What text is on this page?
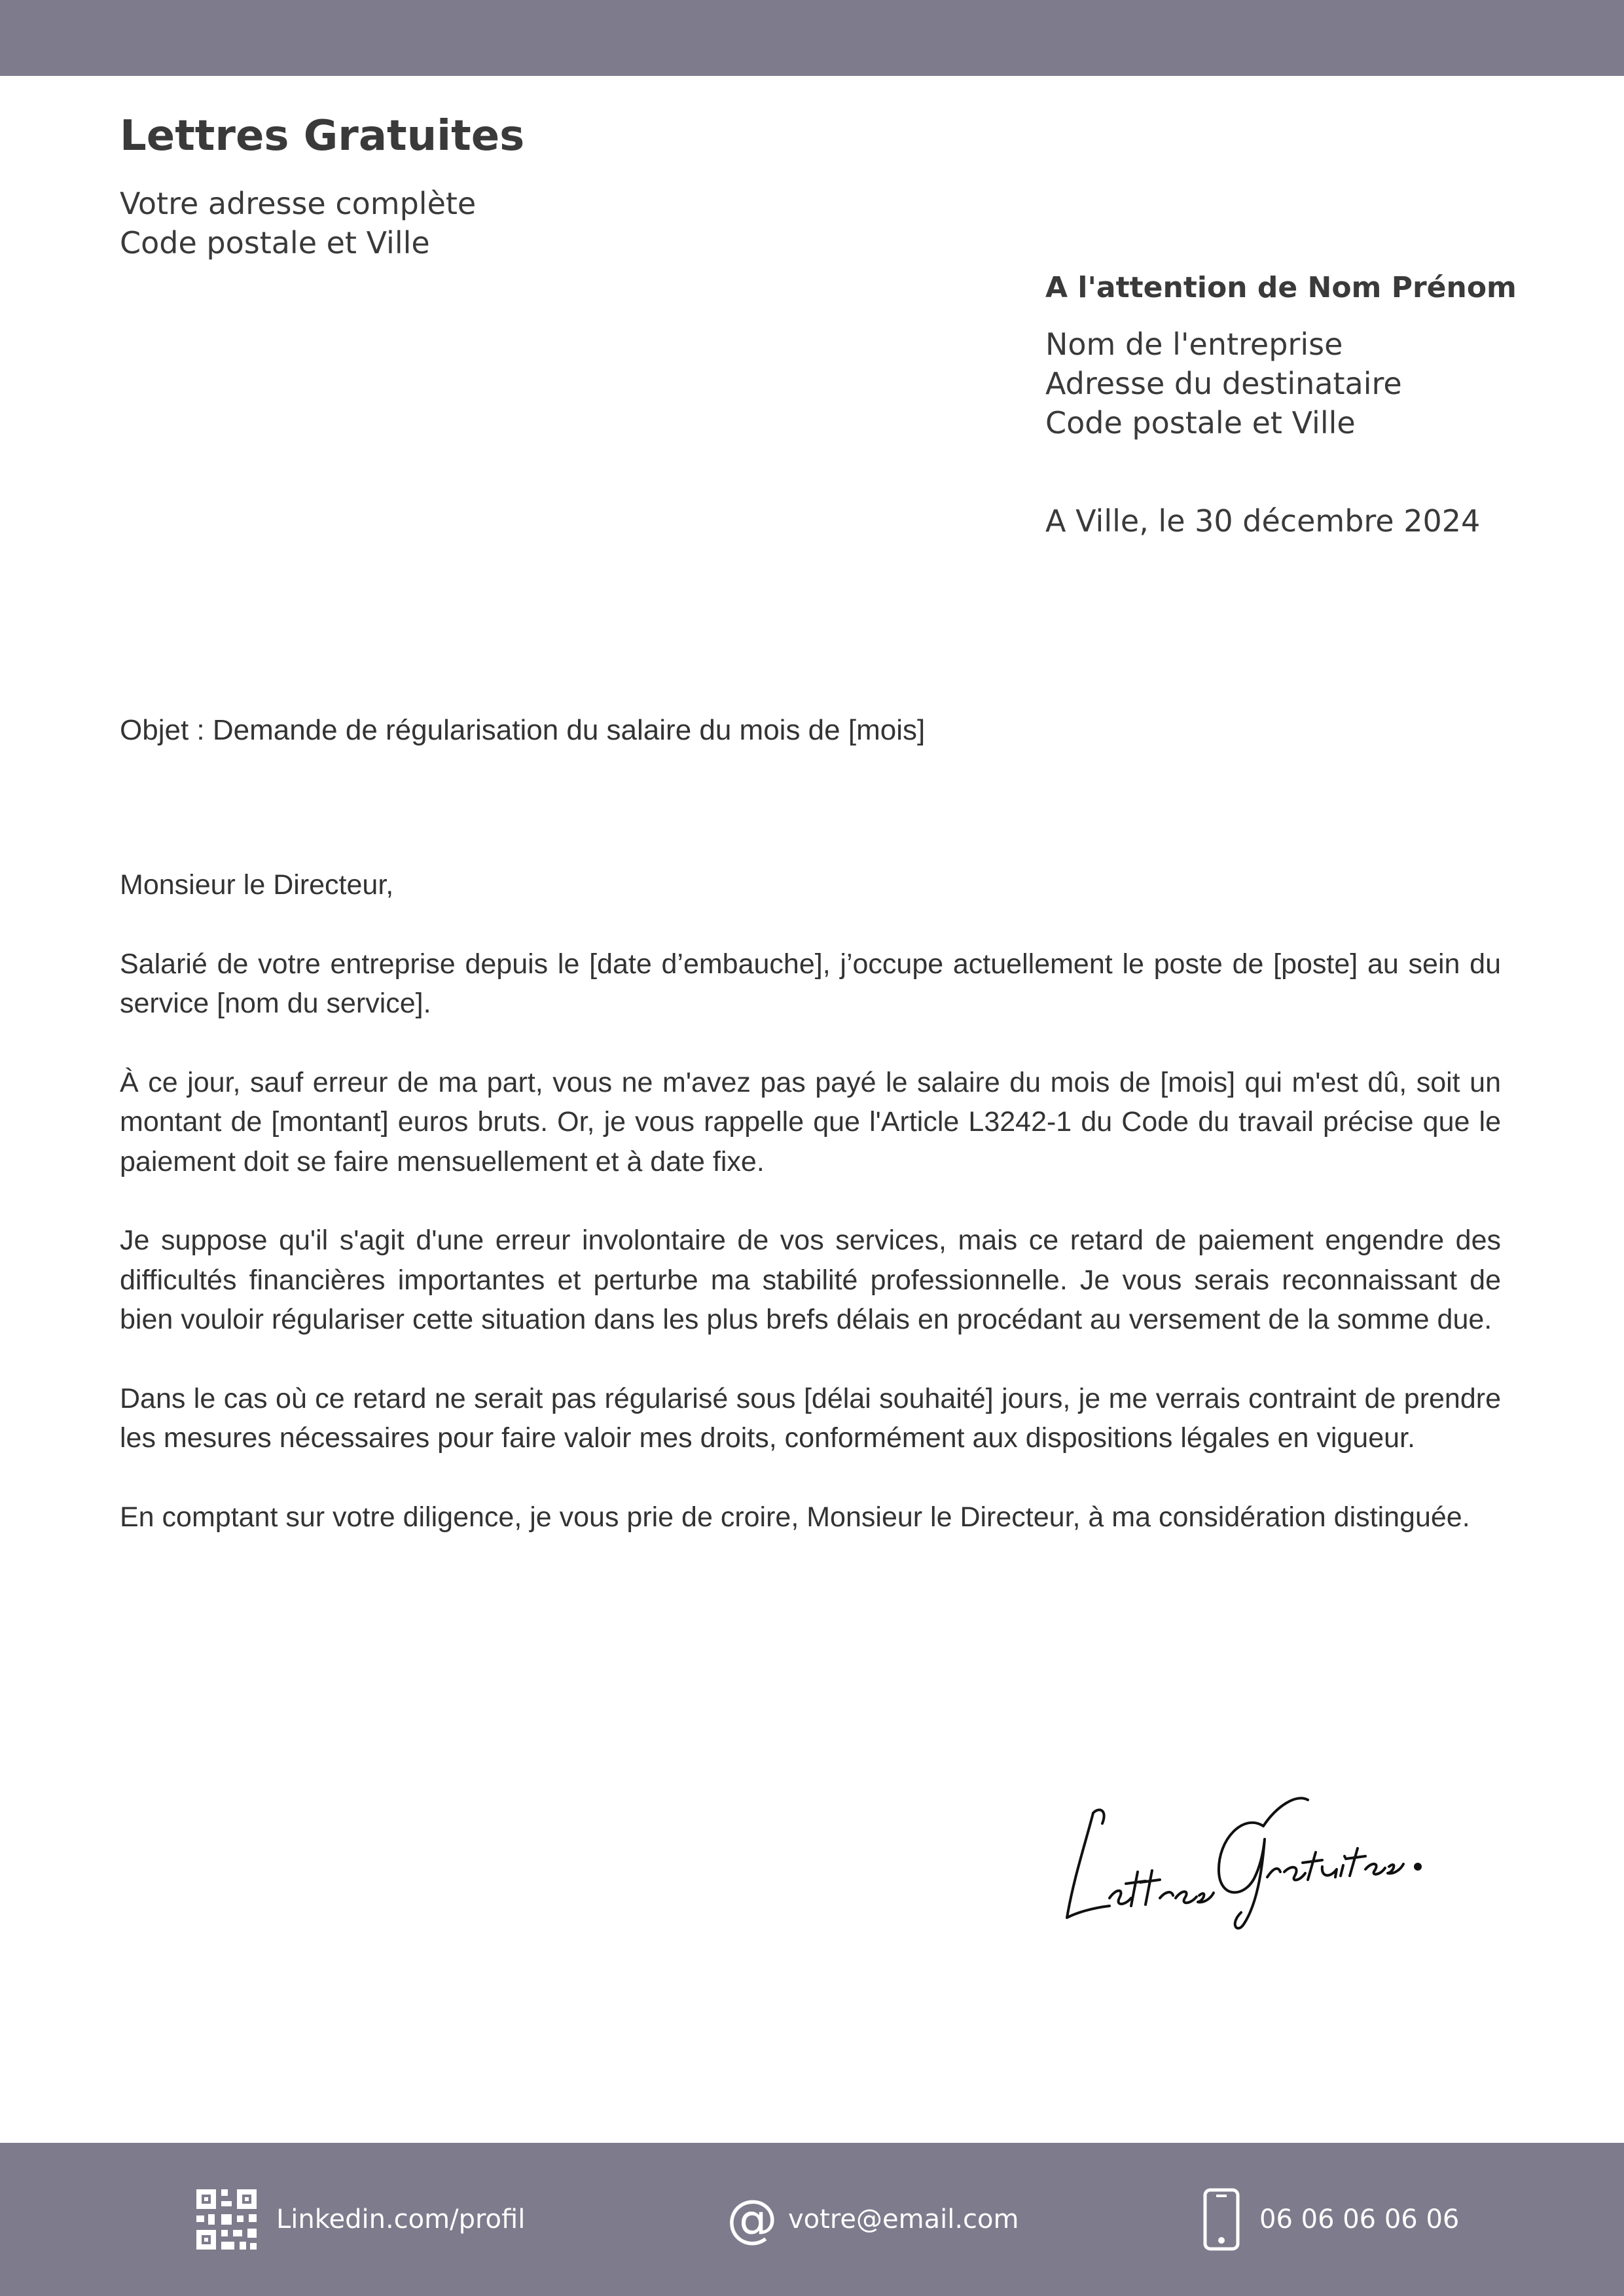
Lettres Gratuites
Votre adresse complète
Code postale et Ville
A l'attention de Nom Prénom
Nom de l'entreprise
Adresse du destinataire
Code postale et Ville
A Ville, le 30 décembre 2024
Objet : Demande de régularisation du salaire du mois de [mois]

Monsieur le Directeur,

Salarié de votre entreprise depuis le [date d’embauche], j’occupe actuellement le poste de [poste] au sein du service [nom du service].

À ce jour, sauf erreur de ma part, vous ne m'avez pas payé le salaire du mois de [mois] qui m'est dû, soit un montant de [montant] euros bruts. Or, je vous rappelle que l'Article L3242-1 du Code du travail précise que le paiement doit se faire mensuellement et à date fixe.

Je suppose qu'il s'agit d'une erreur involontaire de vos services, mais ce retard de paiement engendre des difficultés financières importantes et perturbe ma stabilité professionnelle. Je vous serais reconnaissant de bien vouloir régulariser cette situation dans les plus brefs délais en procédant au versement de la somme due.

Dans le cas où ce retard ne serait pas régularisé sous [délai souhaité] jours, je me verrais contraint de prendre les mesures nécessaires pour faire valoir mes droits, conformément aux dispositions légales en vigueur.

En comptant sur votre diligence, je vous prie de croire, Monsieur le Directeur, à ma considération distinguée.

Linkedin.com/profil	@ votre@email.com	06 06 06 06 06
